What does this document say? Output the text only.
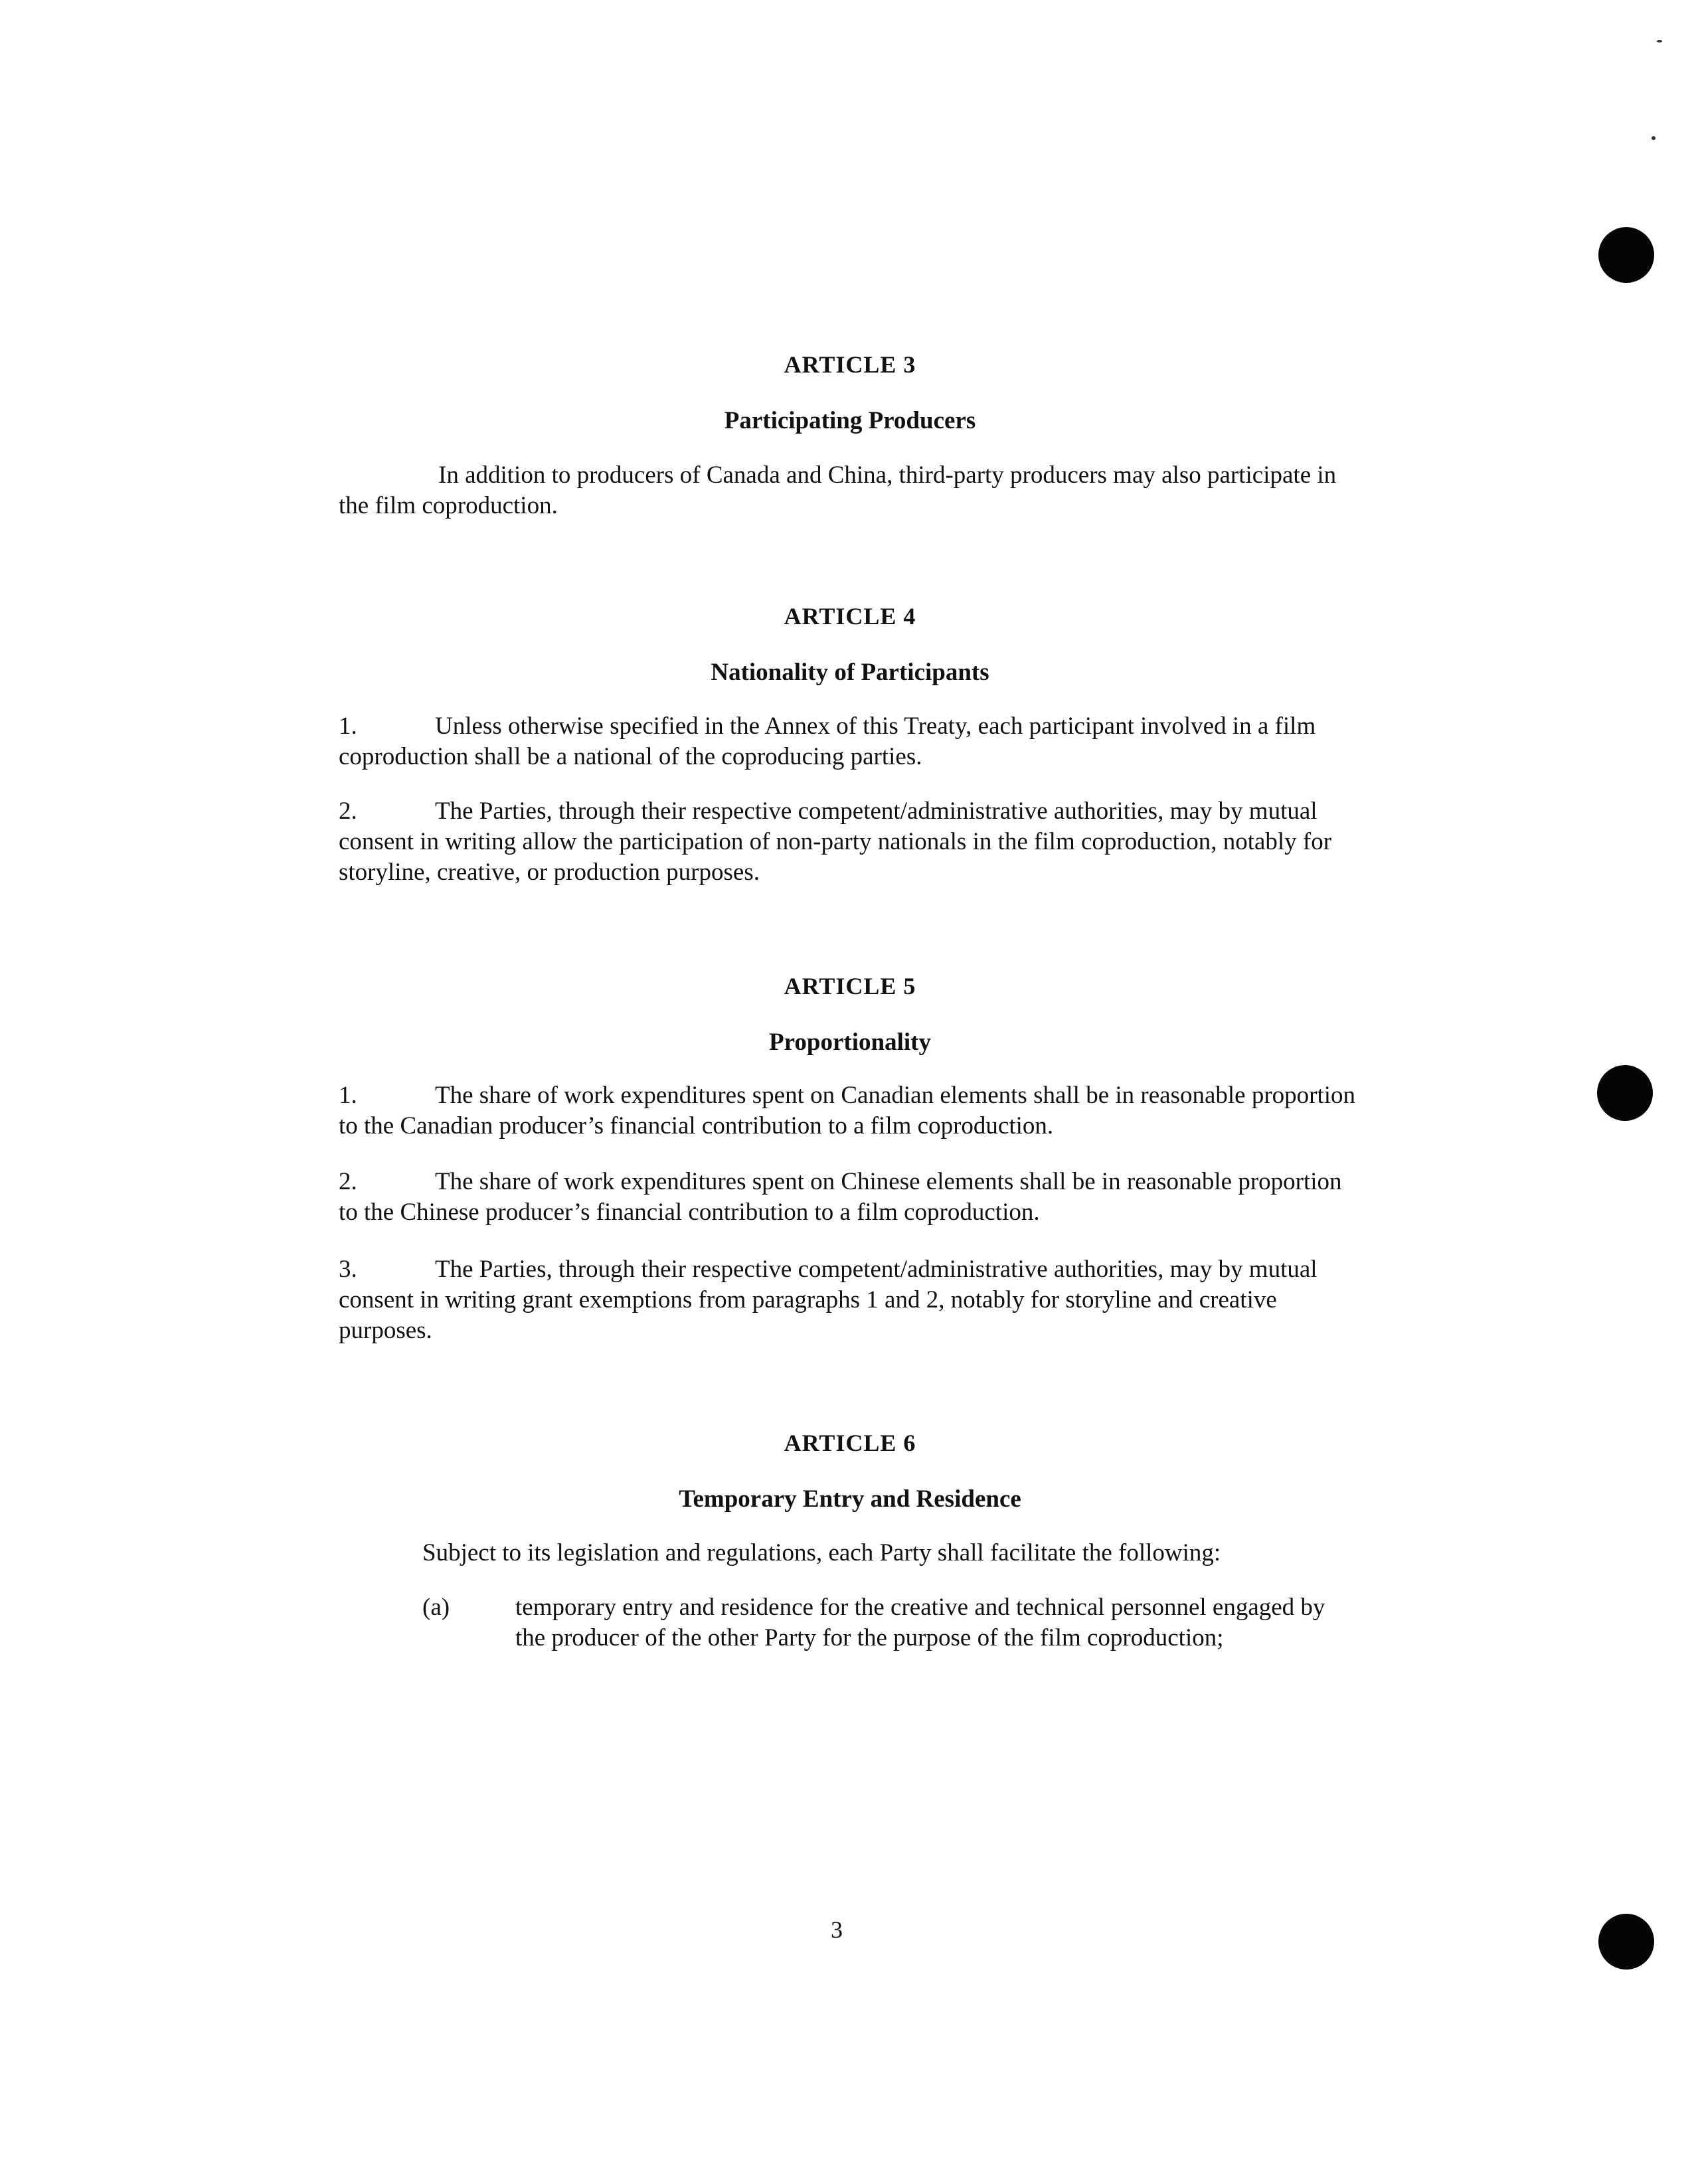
ARTICLE 3
Participating Producers
In addition to producers of Canada and China, third-party producers may also participate in the film coproduction.
ARTICLE 4
Nationality of Participants
1.	Unless otherwise specified in the Annex of this Treaty, each participant involved in a film coproduction shall be a national of the coproducing parties.
2.	The Parties, through their respective competent/administrative authorities, may by mutual consent in writing allow the participation of non-party nationals in the film coproduction, notably for storyline, creative, or production purposes.
ARTICLE 5
Proportionality
1.	The share of work expenditures spent on Canadian elements shall be in reasonable proportion to the Canadian producer’s financial contribution to a film coproduction.
2.	The share of work expenditures spent on Chinese elements shall be in reasonable proportion to the Chinese producer’s financial contribution to a film coproduction.
3.	The Parties, through their respective competent/administrative authorities, may by mutual consent in writing grant exemptions from paragraphs 1 and 2, notably for storyline and creative purposes.
ARTICLE 6
Temporary Entry and Residence
Subject to its legislation and regulations, each Party shall facilitate the following:
(a)	temporary entry and residence for the creative and technical personnel engaged by the producer of the other Party for the purpose of the film coproduction;
3
